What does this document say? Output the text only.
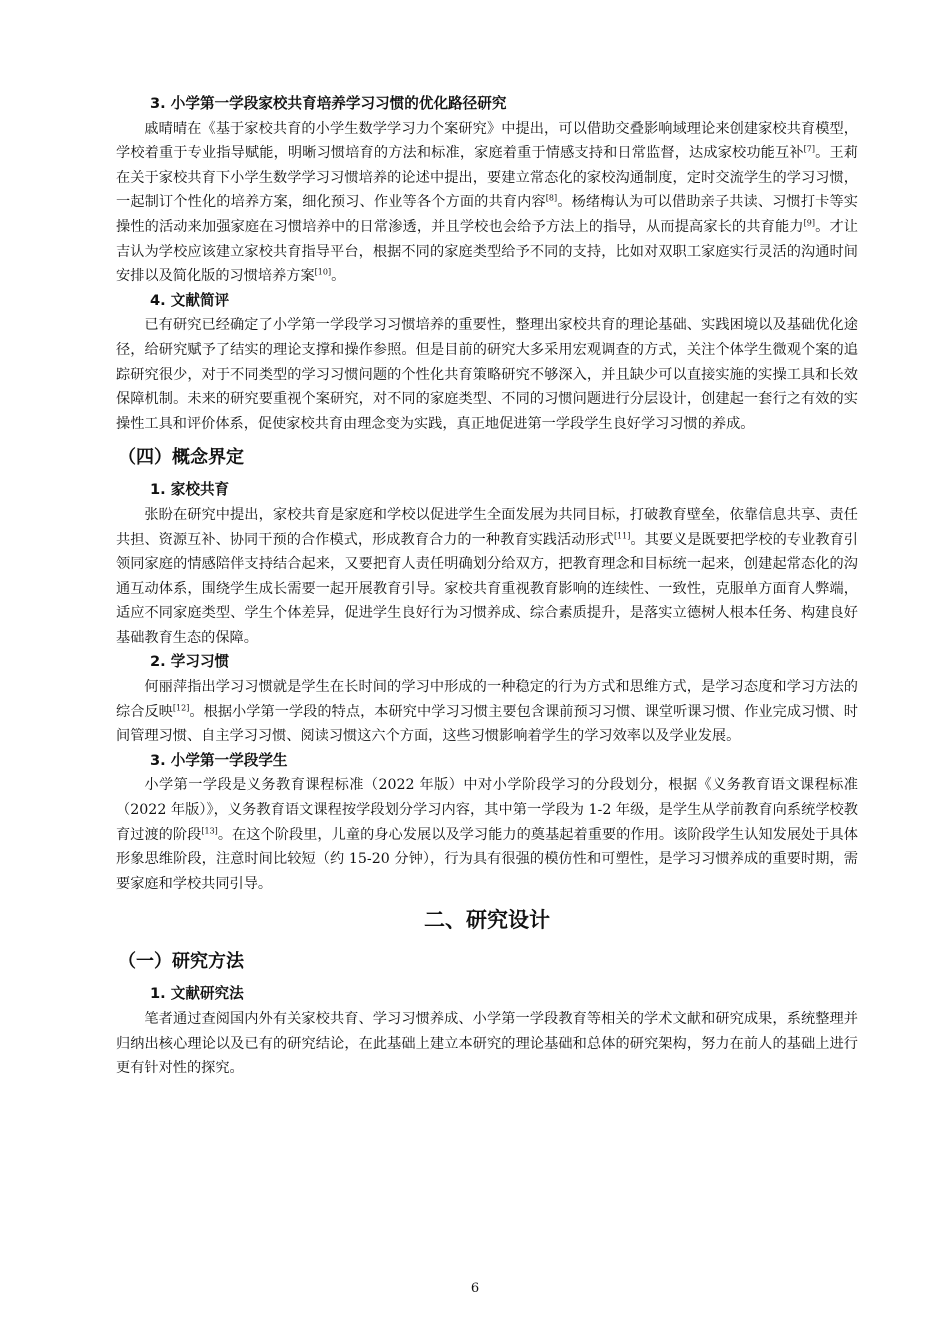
3. 小学第一学段家校共育培养学习习惯的优化路径研究

戚晴晴在《基于家校共育的小学生数学学习力个案研究》中提出，可以借助交叠影响域理论来创建家校共育模型，学校着重于专业指导赋能，明晰习惯培育的方法和标准，家庭着重于情感支持和日常监督，达成家校功能互补[7]。王莉在关于家校共育下小学生数学学习习惯培养的论述中提出，要建立常态化的家校沟通制度，定时交流学生的学习习惯，一起制订个性化的培养方案，细化预习、作业等各个方面的共育内容[8]。杨绪梅认为可以借助亲子共读、习惯打卡等实操性的活动来加强家庭在习惯培养中的日常渗透，并且学校也会给予方法上的指导，从而提高家长的共育能力[9]。才让吉认为学校应该建立家校共育指导平台，根据不同的家庭类型给予不同的支持，比如对双职工家庭实行灵活的沟通时间安排以及简化版的习惯培养方案[10]。

4. 文献简评

已有研究已经确定了小学第一学段学习习惯培养的重要性，整理出家校共育的理论基础、实践困境以及基础优化途径，给研究赋予了结实的理论支撑和操作参照。但是目前的研究大多采用宏观调查的方式，关注个体学生微观个案的追踪研究很少，对于不同类型的学习习惯问题的个性化共育策略研究不够深入，并且缺少可以直接实施的实操工具和长效保障机制。未来的研究要重视个案研究，对不同的家庭类型、不同的习惯问题进行分层设计，创建起一套行之有效的实操性工具和评价体系，促使家校共育由理念变为实践，真正地促进第一学段学生良好学习习惯的养成。

（四）概念界定
1. 家校共育

张盼在研究中提出，家校共育是家庭和学校以促进学生全面发展为共同目标，打破教育壁垒，依靠信息共享、责任共担、资源互补、协同干预的合作模式，形成教育合力的一种教育实践活动形式[11]。其要义是既要把学校的专业教育引领同家庭的情感陪伴支持结合起来，又要把育人责任明确划分给双方，把教育理念和目标统一起来，创建起常态化的沟通互动体系，围绕学生成长需要一起开展教育引导。家校共育重视教育影响的连续性、一致性，克服单方面育人弊端，适应不同家庭类型、学生个体差异，促进学生良好行为习惯养成、综合素质提升，是落实立德树人根本任务、构建良好基础教育生态的保障。

2. 学习习惯

何丽萍指出学习习惯就是学生在长时间的学习中形成的一种稳定的行为方式和思维方式，是学习态度和学习方法的综合反映[12]。根据小学第一学段的特点，本研究中学习习惯主要包含课前预习习惯、课堂听课习惯、作业完成习惯、时间管理习惯、自主学习习惯、阅读习惯这六个方面，这些习惯影响着学生的学习效率以及学业发展。

3. 小学第一学段学生

小学第一学段是义务教育课程标准（2022 年版）中对小学阶段学习的分段划分，根据《义务教育语文课程标准（2022 年版）》，义务教育语文课程按学段划分学习内容，其中第一学段为 1-2 年级，是学生从学前教育向系统学校教育过渡的阶段[13]。在这个阶段里，儿童的身心发展以及学习能力的奠基起着重要的作用。该阶段学生认知发展处于具体形象思维阶段，注意时间比较短（约 15-20 分钟），行为具有很强的模仿性和可塑性，是学习习惯养成的重要时期，需要家庭和学校共同引导。

二、研究设计
（一）研究方法
1. 文献研究法

笔者通过查阅国内外有关家校共育、学习习惯养成、小学第一学段教育等相关的学术文献和研究成果，系统整理并归纳出核心理论以及已有的研究结论，在此基础上建立本研究的理论基础和总体的研究架构，努力在前人的基础上进行更有针对性的探究。

6
